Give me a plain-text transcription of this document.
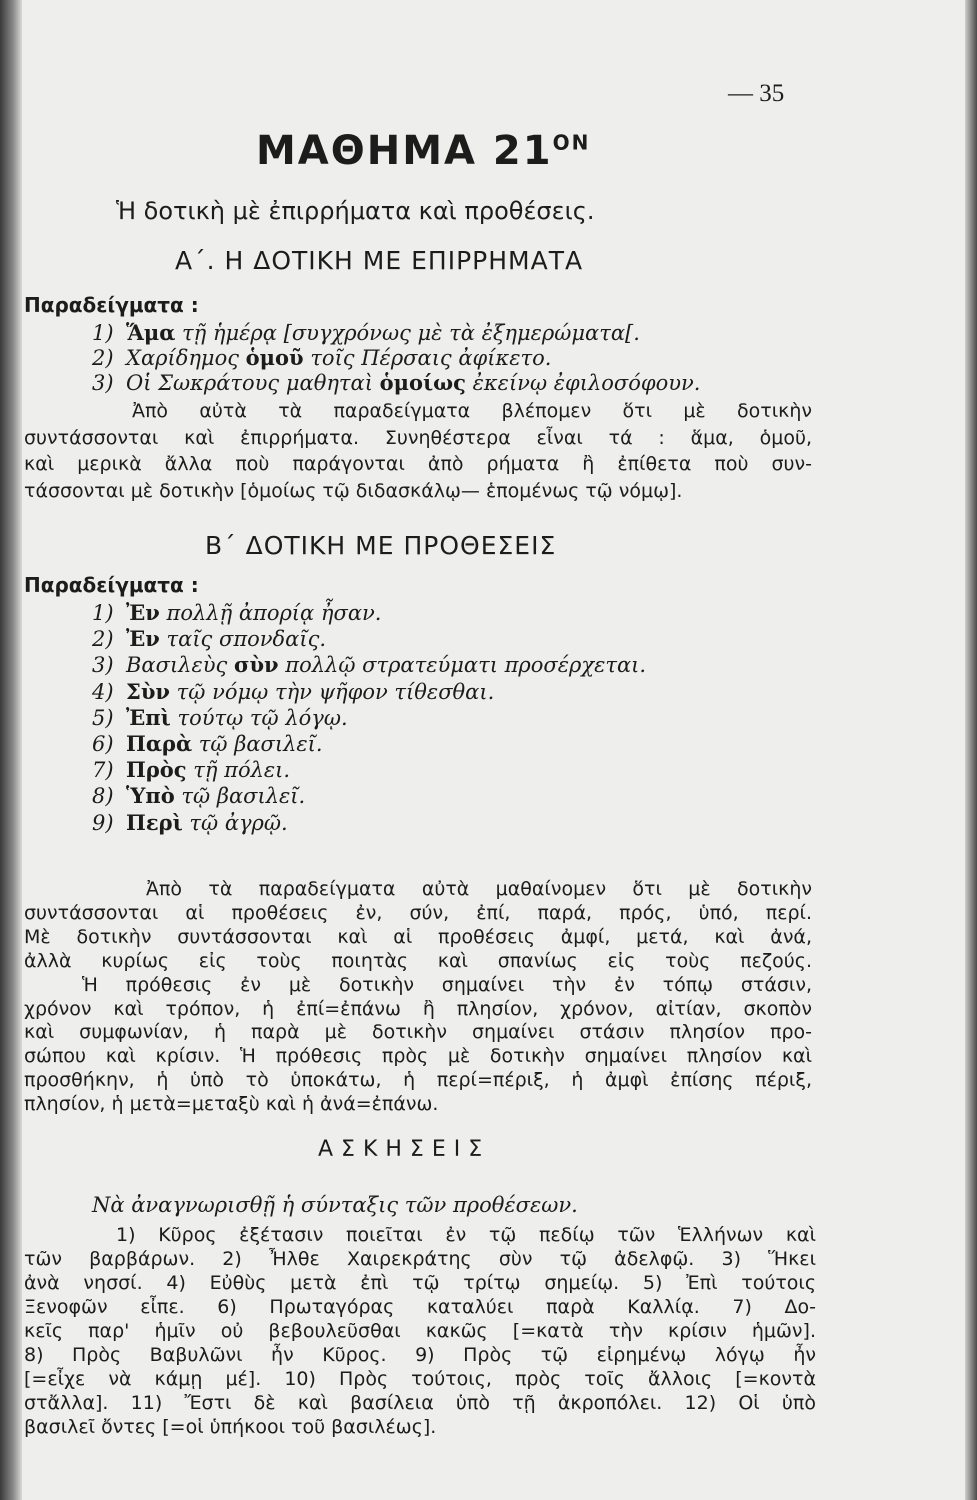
— 35
ΜΑΘΗΜΑ $21^{ON}$
Ἡ δοτικὴ μὲ ἐπιρρήματα καὶ προθέσεις.
Α΄. Η ΔΟΤΙΚΗ ΜΕ ΕΠΙΡΡΗΜΑΤΑ
Παραδείγματα :
1) Ἅμα τῇ ἡμέρᾳ [συγχρόνως μὲ τὰ ἐξημερώματα[.
2) Χαρίδημος ὁμοῦ τοῖς Πέρσαις ἀφίκετο.
3) Οἱ Σωκράτους μαθηταὶ ὁμοίως ἐκείνῳ ἐφιλοσόφουν.
Ἀπὸ αὐτὰ τὰ παραδείγματα βλέπομεν ὅτι μὲ δοτικὴν
συντάσσονται καὶ ἐπιρρήματα. Συνηθέστερα εἶναι τά : ἅμα, ὁμοῦ,
καὶ μερικὰ ἄλλα ποὺ παράγονται ἀπὸ ρήματα ἢ ἐπίθετα ποὺ συν-
τάσσονται μὲ δοτικὴν [ὁμοίως τῷ διδασκάλῳ— ἑπομένως τῷ νόμῳ].
Β΄ ΔΟΤΙΚΗ ΜΕ ΠΡΟΘΕΣΕΙΣ
Παραδείγματα :
1) Ἐν πολλῇ ἀπορίᾳ ἦσαν.
2) Ἐν ταῖς σπονδαῖς.
3) Βασιλεὺς σὺν πολλῷ στρατεύματι προσέρχεται.
4) Σὺν τῷ νόμῳ τὴν ψῆφον τίθεσθαι.
5) Ἐπὶ τούτῳ τῷ λόγῳ.
6) Παρὰ τῷ βασιλεῖ.
7) Πρὸς τῇ πόλει.
8) Ὑπὸ τῷ βασιλεῖ.
9) Περὶ τῷ ἀγρῷ.
Ἀπὸ τὰ παραδείγματα αὐτὰ μαθαίνομεν ὅτι μὲ δοτικὴν
συντάσσονται αἱ προθέσεις ἐν, σύν, ἐπί, παρά, πρός, ὑπό, περί.
Μὲ δοτικὴν συντάσσονται καὶ αἱ προθέσεις ἀμφί, μετά, καὶ ἀνά,
ἀλλὰ κυρίως εἰς τοὺς ποιητὰς καὶ σπανίως εἰς τοὺς πεζούς.
Ἡ πρόθεσις ἐν μὲ δοτικὴν σημαίνει τὴν ἐν τόπῳ στάσιν,
χρόνον καὶ τρόπον, ἡ ἐπί=ἐπάνω ἢ πλησίον, χρόνον, αἰτίαν, σκοπὸν
καὶ συμφωνίαν, ἡ παρὰ μὲ δοτικὴν σημαίνει στάσιν πλησίον προ-
σώπου καὶ κρίσιν. Ἡ πρόθεσις πρὸς μὲ δοτικὴν σημαίνει πλησίον καὶ
προσθήκην, ἡ ὑπὸ τὸ ὑποκάτω, ἡ περί=πέριξ, ἡ ἀμφὶ ἐπίσης πέριξ,
πλησίον, ἡ μετὰ=μεταξὺ καὶ ἡ ἀνά=ἐπάνω.
ΑΣΚΗΣΕΙΣ
Νὰ ἀναγνωρισθῇ ἡ σύνταξις τῶν προθέσεων.
1) Κῦρος ἐξέτασιν ποιεῖται ἐν τῷ πεδίῳ τῶν Ἑλλήνων καὶ
τῶν βαρβάρων. 2) Ἦλθε Χαιρεκράτης σὺν τῷ ἀδελφῷ. 3) Ἥκει
ἀνὰ νησσί. 4) Εὐθὺς μετὰ ἐπὶ τῷ τρίτῳ σημείῳ. 5) Ἐπὶ τούτοις
Ξενοφῶν εἶπε. 6) Πρωταγόρας καταλύει παρὰ Καλλίᾳ. 7) Δο-
κεῖς παρ' ἡμῖν οὐ βεβουλεῦσθαι κακῶς [=κατὰ τὴν κρίσιν ἡμῶν].
8) Πρὸς Βαβυλῶνι ἦν Κῦρος. 9) Πρὸς τῷ εἰρημένῳ λόγῳ ἦν
[=εἶχε νὰ κάμῃ μέ]. 10) Πρὸς τούτοις, πρὸς τοῖς ἄλλοις [=κοντὰ
στἄλλα]. 11) Ἔστι δὲ καὶ βασίλεια ὑπὸ τῇ ἀκροπόλει. 12) Οἱ ὑπὸ
βασιλεῖ ὄντες [=οἱ ὑπήκοοι τοῦ βασιλέως].
